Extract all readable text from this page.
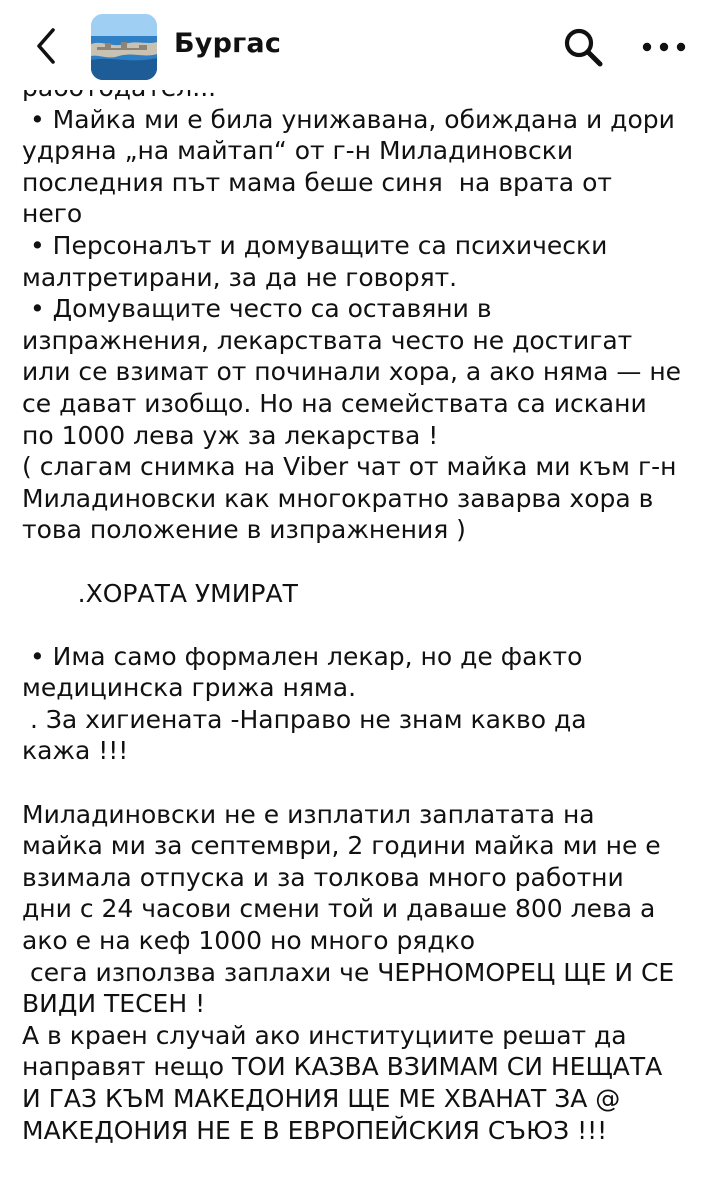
Бургас

• Майка ми е била унижавана, обиждана и дори

удряна „на майтап“ от г-н Миладиновски

последния път мама беше синя  на врата от

него

• Персоналът и домуващите са психически

малтретирани, за да не говорят.

• Домуващите често са оставяни в

изпражнения, лекарствата често не достигат

или се взимат от починали хора, а ако няма — не

се дават изобщо. Но на семействата са искани

по 1000 лева уж за лекарства !

( слагам снимка на Viber чат от майка ми към г-н

Миладиновски как многократно заварва хора в

това положение в изпражнения )

.ХОРАТА УМИРАТ

• Има само формален лекар, но де факто

медицинска грижа няма.

. За хигиената -Направо не знам какво да

кажа !!!

Миладиновски не е изплатил заплатата на

майка ми за септември, 2 години майка ми не е

взимала отпуска и за толкова много работни

дни с 24 часови смени той и даваше 800 лева а

ако е на кеф 1000 но много рядко

сега използва заплахи че ЧЕРНОМОРЕЦ ЩЕ И СЕ

ВИДИ ТЕСЕН !

А в краен случай ако институциите решат да

направят нещо ТОИ КАЗВА ВЗИМАМ СИ НЕЩАТА

И ГАЗ КЪМ МАКЕДОНИЯ ЩЕ МЕ ХВАНАТ ЗА @

МАКЕДОНИЯ НЕ Е В ЕВРОПЕЙСКИЯ СЪЮЗ !!!
